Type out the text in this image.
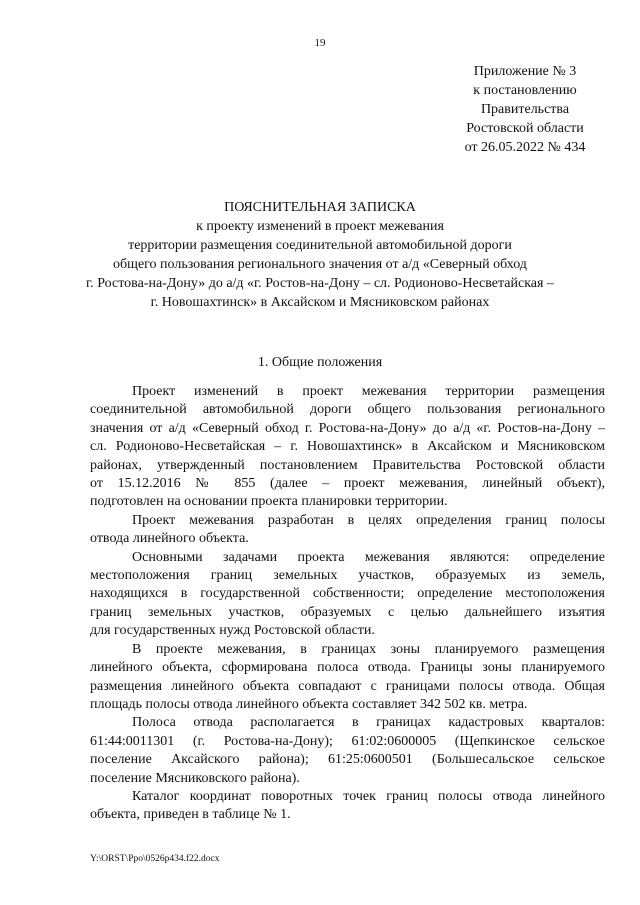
19
Приложение № 3
к постановлению
Правительства
Ростовской области
от 26.05.2022 № 434
ПОЯСНИТЕЛЬНАЯ ЗАПИСКА
к проекту изменений в проект межевания
территории размещения соединительной автомобильной дороги
общего пользования регионального значения от а/д «Северный обход
г. Ростова-на-Дону» до а/д «г. Ростов-на-Дону – сл. Родионово-Несветайская –
г. Новошахтинск» в Аксайском и Мясниковском районах
1. Общие положения
Проект изменений в проект межевания территории размещения
соединительной автомобильной дороги общего пользования регионального
значения от а/д «Северный обход г. Ростова-на-Дону» до а/д «г. Ростов-на-Дону –
сл. Родионово-Несветайская – г. Новошахтинск» в Аксайском и Мясниковском
районах, утвержденный постановлением Правительства Ростовской области
от 15.12.2016 № 855 (далее – проект межевания, линейный объект),
подготовлен на основании проекта планировки территории.
Проект межевания разработан в целях определения границ полосы
отвода линейного объекта.
Основными задачами проекта межевания являются: определение
местоположения границ земельных участков, образуемых из земель,
находящихся в государственной собственности; определение местоположения
границ земельных участков, образуемых с целью дальнейшего изъятия
для государственных нужд Ростовской области.
В проекте межевания, в границах зоны планируемого размещения
линейного объекта, сформирована полоса отвода. Границы зоны планируемого
размещения линейного объекта совпадают с границами полосы отвода. Общая
площадь полосы отвода линейного объекта составляет 342 502 кв. метра.
Полоса отвода располагается в границах кадастровых кварталов:
61:44:0011301 (г. Ростова-на-Дону); 61:02:0600005 (Щепкинское сельское
поселение Аксайского района); 61:25:0600501 (Большесальское сельское
поселение Мясниковского района).
Каталог координат поворотных точек границ полосы отвода линейного
объекта, приведен в таблице № 1.
Y:\ORST\Ppo\0526p434.f22.docx
